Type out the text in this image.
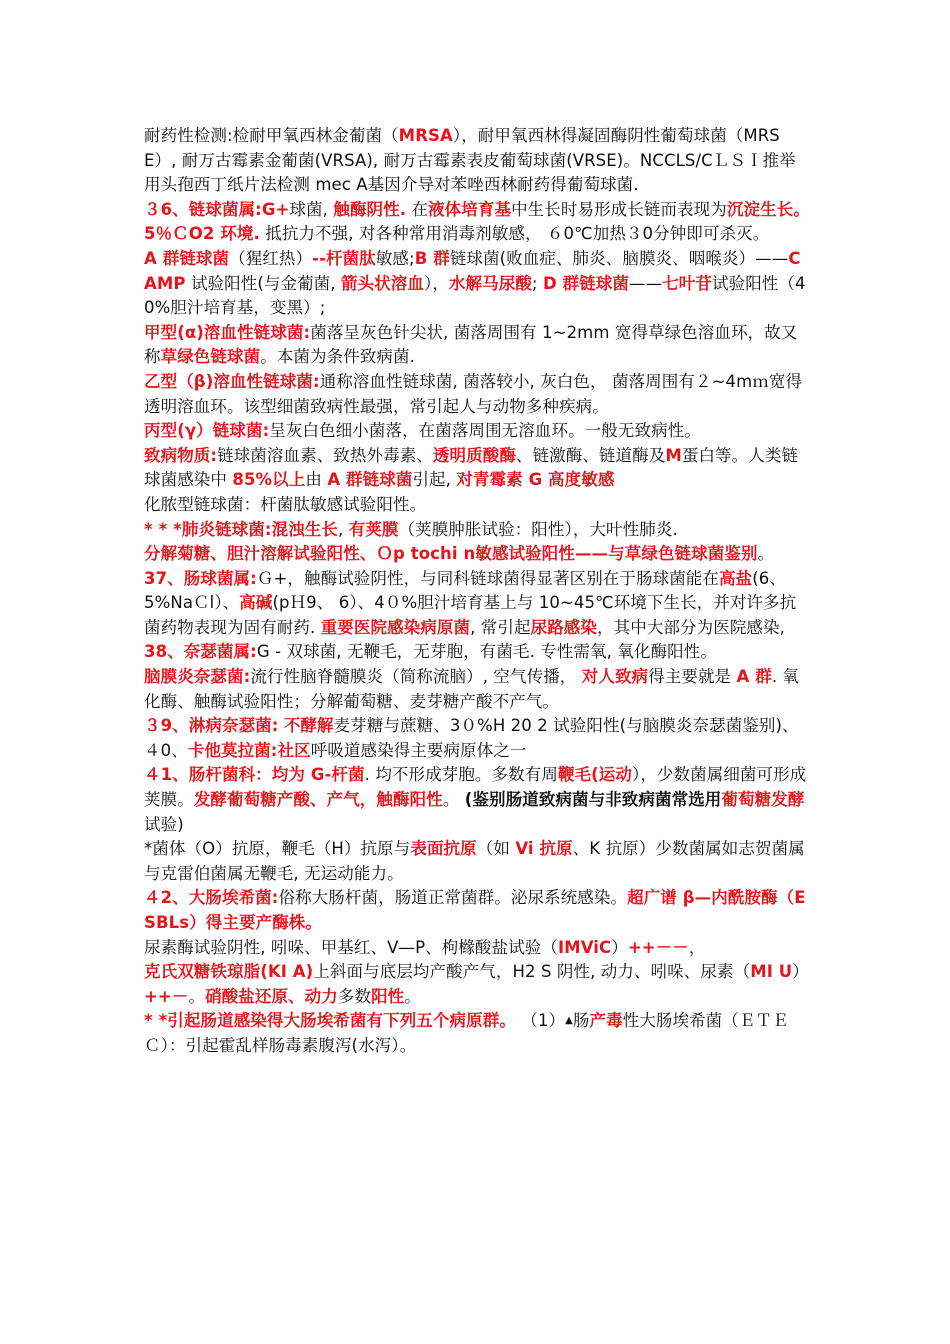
耐药性检测:检耐甲氧西林金葡菌（MRSA），耐甲氧西林得凝固酶阴性葡萄球菌（MRSE）, 耐万古霉素金葡菌(VRSA), 耐万古霉素表皮葡萄球菌(VRSE)。NCCLS/CＬＳＩ推举用头孢西丁纸片法检测 mec A基因介导对苯唑西林耐药得葡萄球菌.
３6、链球菌属:G+球菌, 触酶阴性. 在液体培育基中生长时易形成长链而表现为沉淀生长。 5％ＣO2 环境. 抵抗力不强, 对各种常用消毒剂敏感， ６0℃加热３0分钟即可杀灭。
A 群链球菌（猩红热）--杆菌肽敏感;B 群链球菌(败血症、肺炎、脑膜炎、咽喉炎）——CAMP 试验阳性(与金葡菌, 箭头状溶血），水解马尿酸; D 群链球菌——七叶苷试验阳性（40%胆汁培育基，变黑）;
甲型(α)溶血性链球菌:菌落呈灰色针尖状, 菌落周围有 1~2mm 宽得草绿色溶血环，故又称草绿色链球菌。本菌为条件致病菌.
乙型（β)溶血性链球菌:通称溶血性链球菌, 菌落较小, 灰白色， 菌落周围有２~4mｍ宽得透明溶血环。该型细菌致病性最强，常引起人与动物多种疾病。
丙型(γ）链球菌:呈灰白色细小菌落，在菌落周围无溶血环。一般无致病性。
致病物质:链球菌溶血素、致热外毒素、透明质酸酶、链激酶、链道酶及M蛋白等。人类链球菌感染中 85%以上由 A 群链球菌引起, 对青霉素 G 高度敏感
化脓型链球菌：杆菌肽敏感试验阳性。
* * *肺炎链球菌:混浊生长, 有荚膜（荚膜肿胀试验：阳性），大叶性肺炎.
分解菊糖、胆汁溶解试验阳性、Ｏp tochi n敏感试验阳性——与草绿色链球菌鉴别。
37、肠球菌属:Ｇ+，触酶试验阴性，与同科链球菌得显著区别在于肠球菌能在高盐(6、5%NaＣl）、高碱(pＨ9、 6）、4０%胆汁培育基上与 10~45℃环境下生长，并对许多抗菌药物表现为固有耐药. 重要医院感染病原菌, 常引起尿路感染，其中大部分为医院感染,
38、奈瑟菌属:G - 双球菌, 无鞭毛，无芽胞，有菌毛. 专性需氧, 氧化酶阳性。
脑膜炎奈瑟菌:流行性脑脊髓膜炎（简称流脑）, 空气传播， 对人致病得主要就是 A 群. 氧化酶、触酶试验阳性；分解葡萄糖、麦芽糖产酸不产气。
３9、淋病奈瑟菌: 不酵解麦芽糖与蔗糖、3０%H 20 2 试验阳性(与脑膜炎奈瑟菌鉴别)、
４0、卡他莫拉菌:社区呼吸道感染得主要病原体之一
４1、肠杆菌科：均为 G-杆菌. 均不形成芽胞。多数有周鞭毛(运动），少数菌属细菌可形成荚膜。发酵葡萄糖产酸、产气，触酶阳性。 (鉴别肠道致病菌与非致病菌常选用葡萄糖发酵试验)
*菌体（O）抗原，鞭毛（H）抗原与表面抗原（如 Vi 抗原、K 抗原）少数菌属如志贺菌属与克雷伯菌属无鞭毛, 无运动能力。
４2、大肠埃希菌:俗称大肠杆菌，肠道正常菌群。泌尿系统感染。超广谱 β—内酰胺酶（ESBLs）得主要产酶株。
尿素酶试验阴性, 吲哚、甲基红、V—P、枸橼酸盐试验（IMViC）++－－，
克氏双糖铁琼脂(KI A)上斜面与底层均产酸产气，H2 S 阴性, 动力、吲哚、尿素（MI U）++－。硝酸盐还原、动力多数阳性。
* *引起肠道感染得大肠埃希菌有下列五个病原群。 （1）▲肠产毒性大肠埃希菌（ＥＴＥＣ）：引起霍乱样肠毒素腹泻(水泻）。
